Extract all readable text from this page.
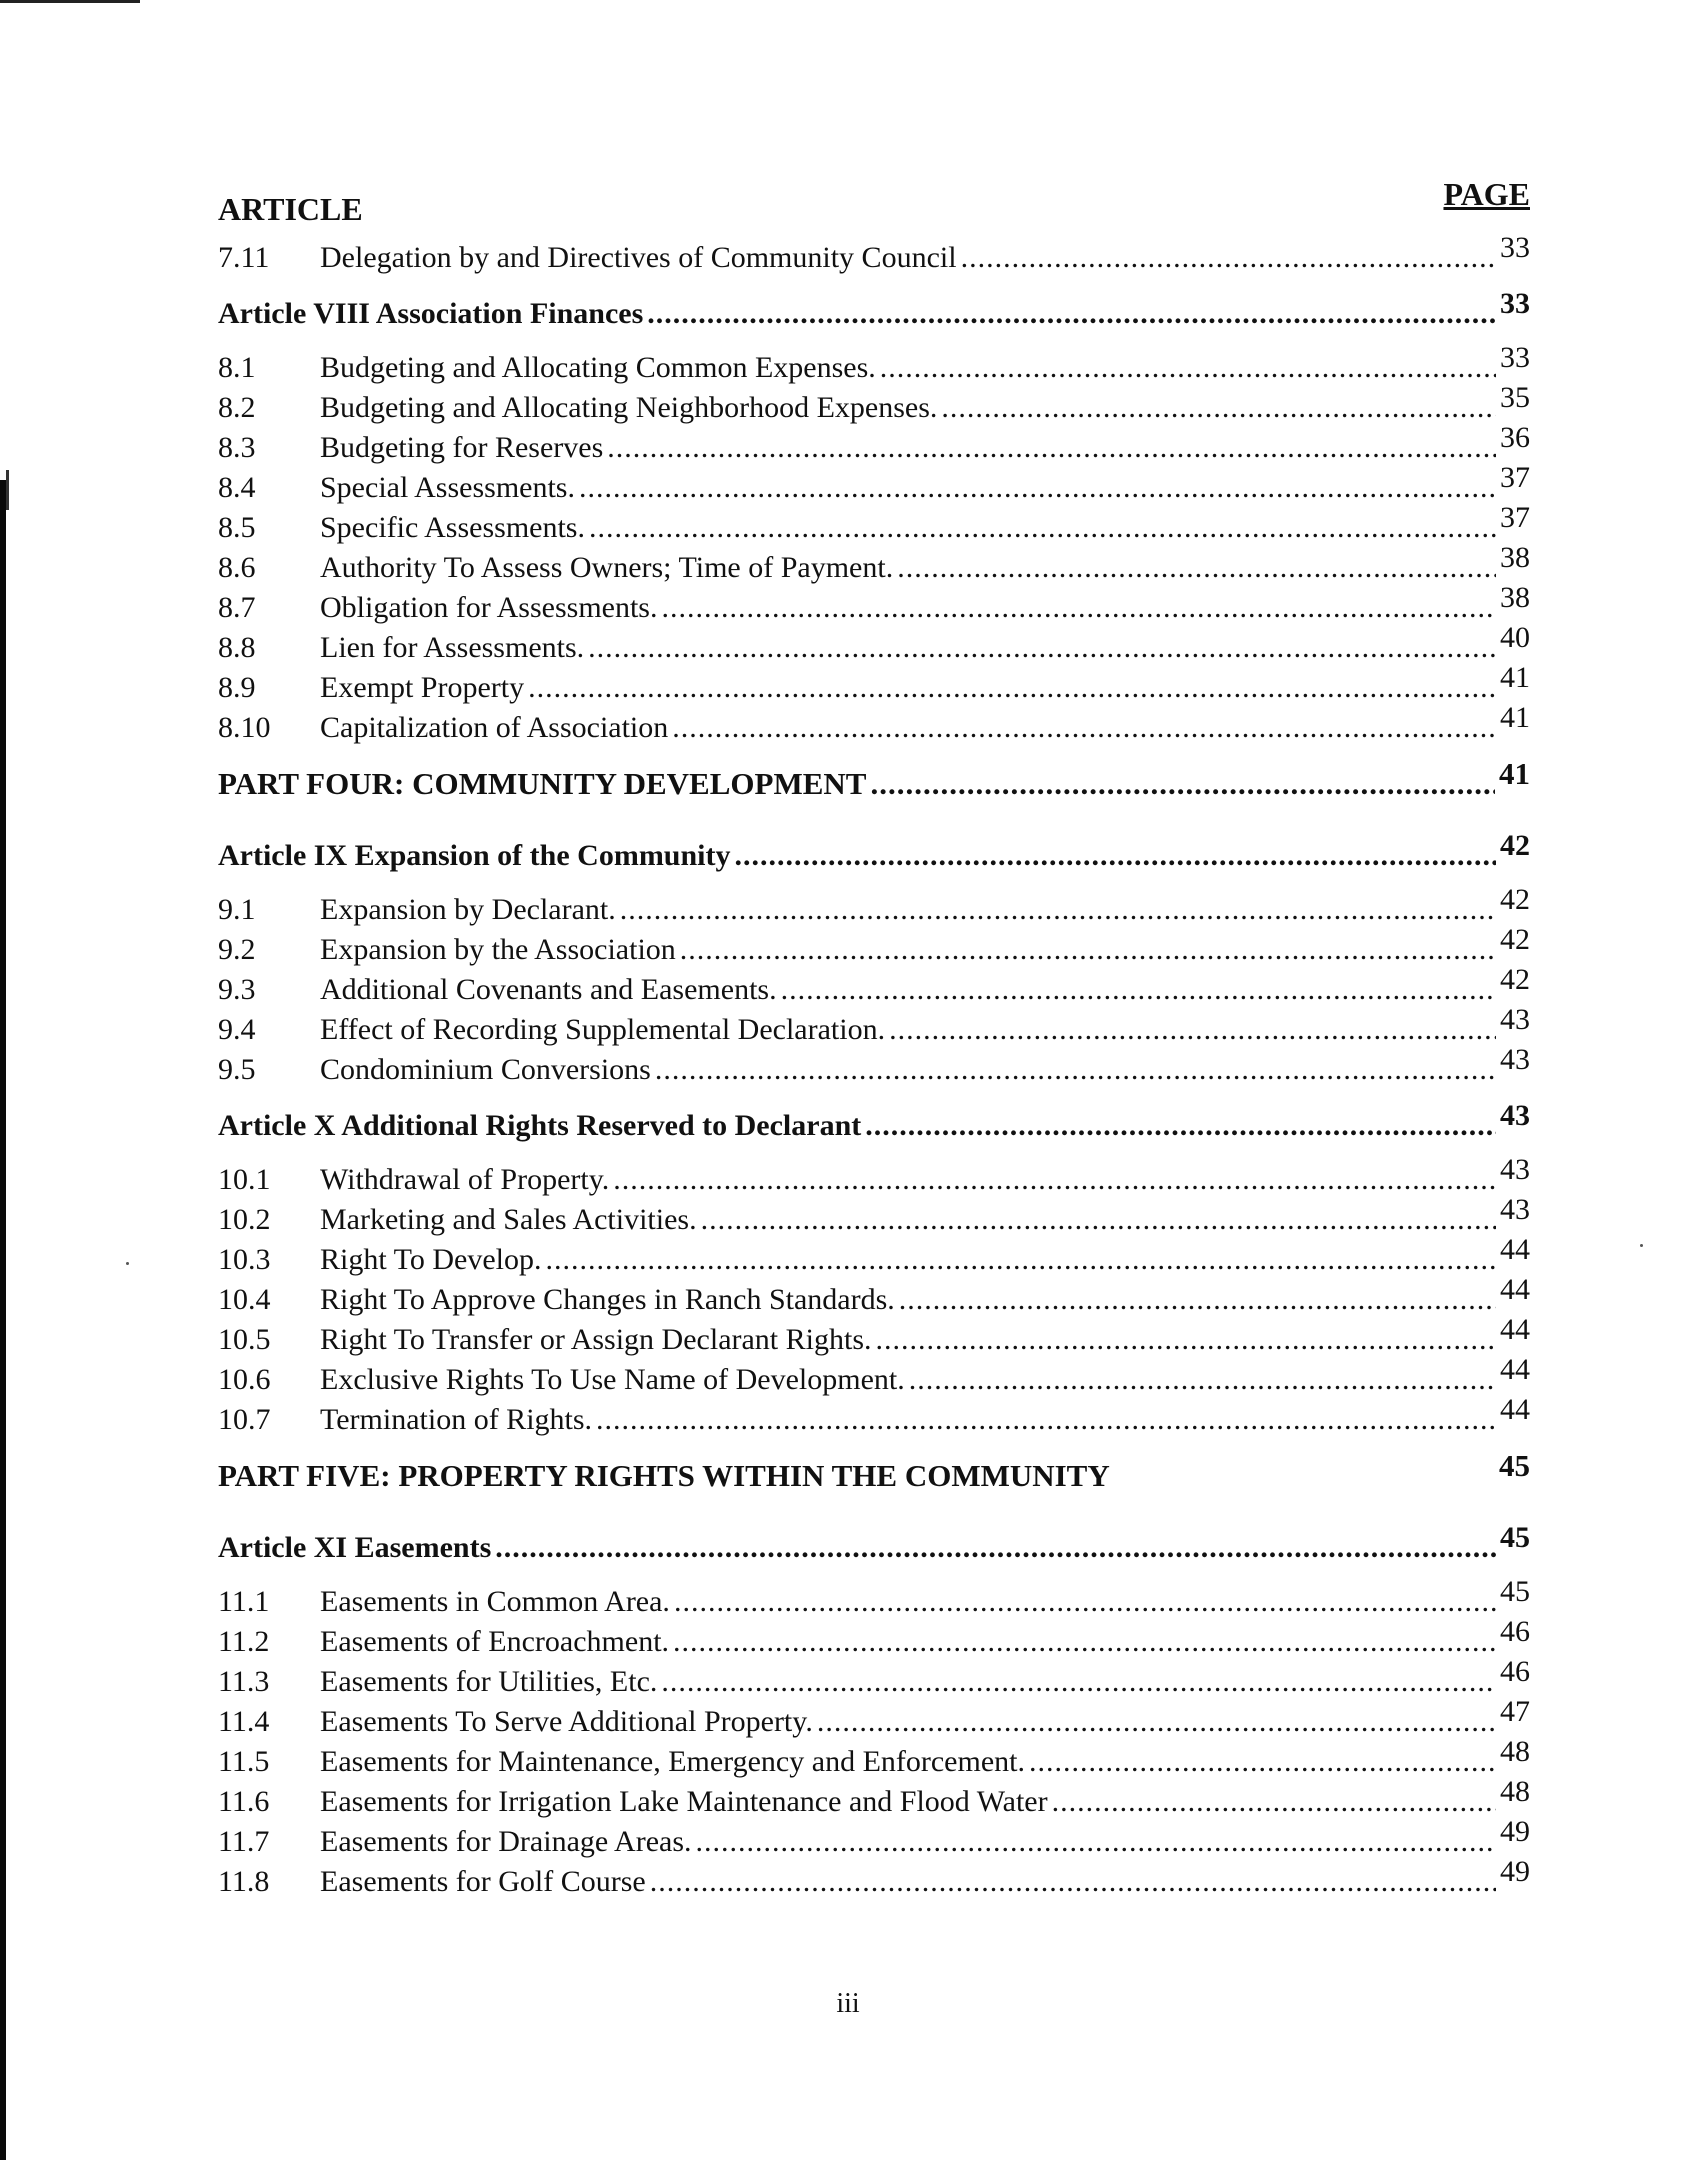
ARTICLE	PAGE
7.11	Delegation by and Directives of Community Council .....	33
Article VIII Association Finances .....	33
8.1	Budgeting and Allocating Common Expenses. .....	33
8.2	Budgeting and Allocating Neighborhood Expenses. .....	35
8.3	Budgeting for Reserves .....	36
8.4	Special Assessments. .....	37
8.5	Specific Assessments. .....	37
8.6	Authority To Assess Owners; Time of Payment. .....	38
8.7	Obligation for Assessments. .....	38
8.8	Lien for Assessments. .....	40
8.9	Exempt Property .....	41
8.10	Capitalization of Association .....	41
PART FOUR: COMMUNITY DEVELOPMENT .....	41
Article IX Expansion of the Community .....	42
9.1	Expansion by Declarant. .....	42
9.2	Expansion by the Association .....	42
9.3	Additional Covenants and Easements. .....	42
9.4	Effect of Recording Supplemental Declaration. .....	43
9.5	Condominium Conversions .....	43
Article X Additional Rights Reserved to Declarant .....	43
10.1	Withdrawal of Property. .....	43
10.2	Marketing and Sales Activities. .....	43
10.3	Right To Develop. .....	44
10.4	Right To Approve Changes in Ranch Standards. .....	44
10.5	Right To Transfer or Assign Declarant Rights. .....	44
10.6	Exclusive Rights To Use Name of Development. .....	44
10.7	Termination of Rights. .....	44
PART FIVE: PROPERTY RIGHTS WITHIN THE COMMUNITY	45
Article XI Easements .....	45
11.1	Easements in Common Area. .....	45
11.2	Easements of Encroachment. .....	46
11.3	Easements for Utilities, Etc. .....	46
11.4	Easements To Serve Additional Property. .....	47
11.5	Easements for Maintenance, Emergency and Enforcement. .....	48
11.6	Easements for Irrigation Lake Maintenance and Flood Water .....	48
11.7	Easements for Drainage Areas. .....	49
11.8	Easements for Golf Course .....	49
iii
